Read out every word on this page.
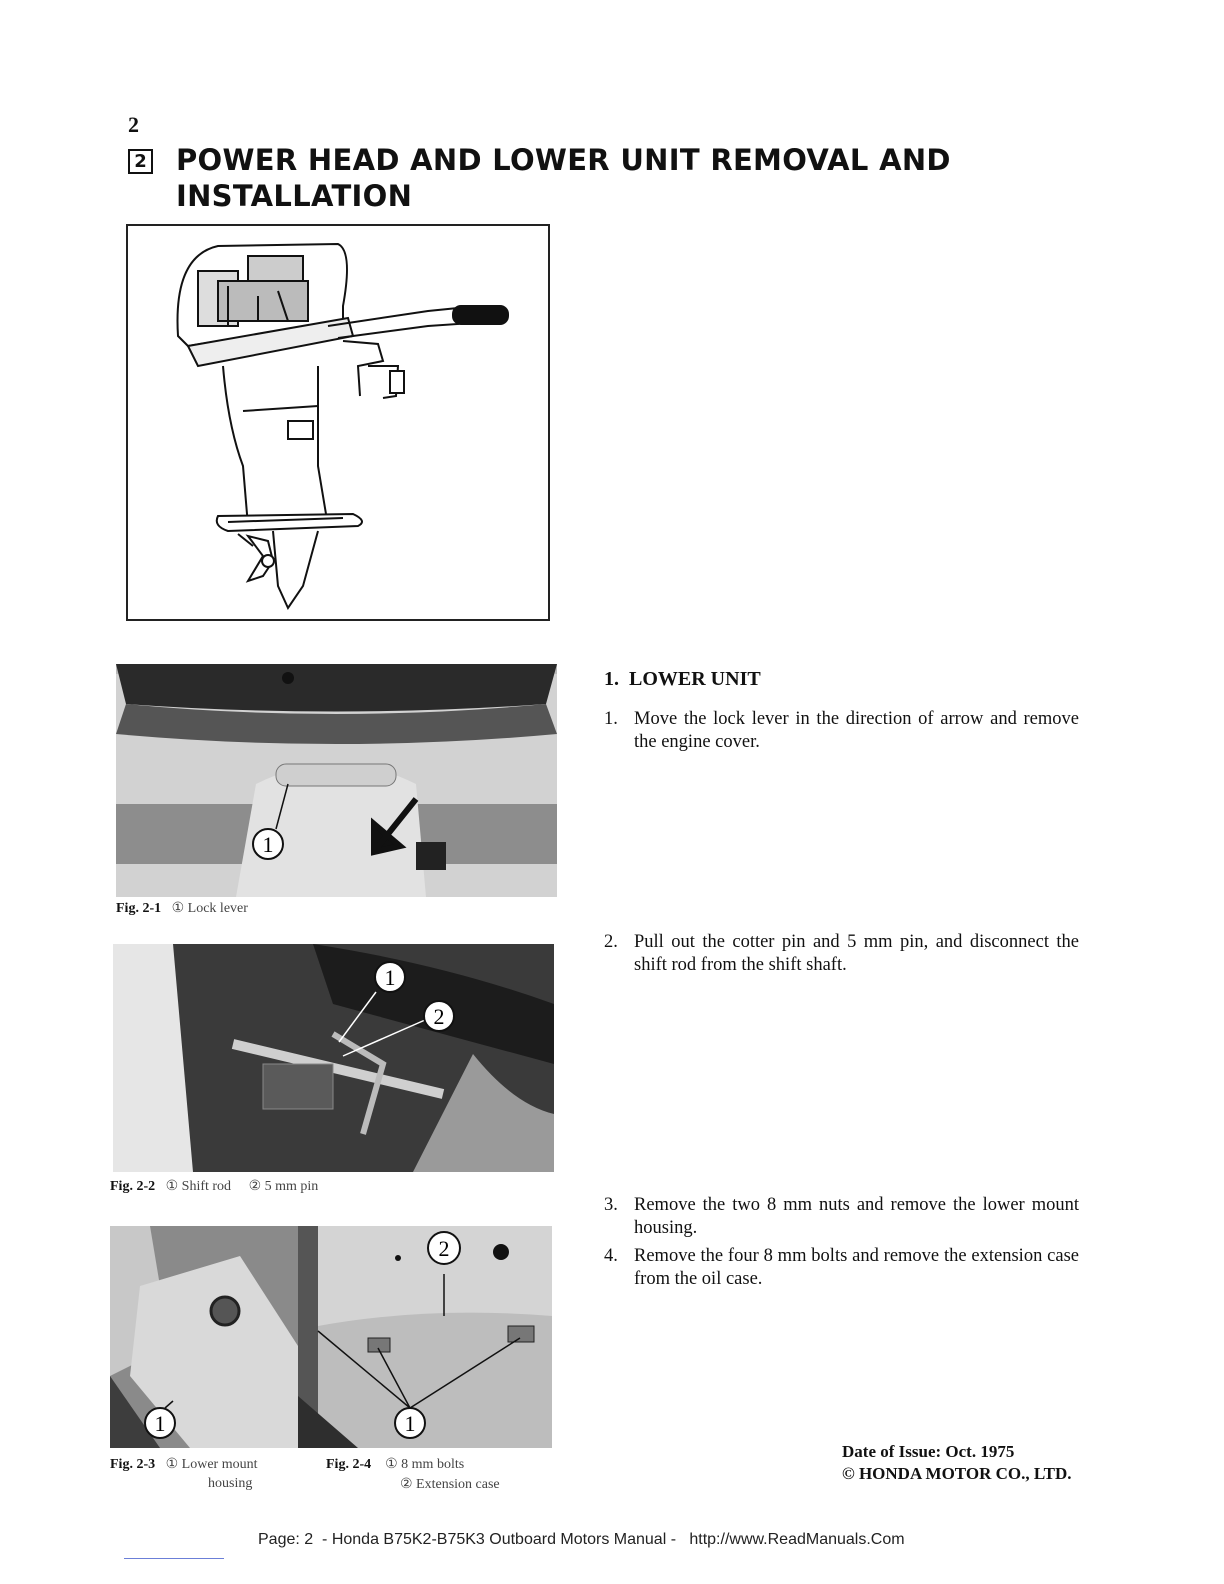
2
2 POWER HEAD AND LOWER UNIT REMOVAL AND
INSTALLATION
1
Fig. 2-1 ① Lock lever
1
2
Fig. 2-2 ① Shift rod ② 5 mm pin
1
Fig. 2-3 ① Lower mount
housing
2
1
Fig. 2-4 ① 8 mm bolts
② Extension case
1. LOWER UNIT
1. Move the lock lever in the direction of arrow and remove the engine cover.
2. Pull out the cotter pin and 5 mm pin, and disconnect the shift rod from the shift shaft.
3. Remove the two 8 mm nuts and remove the lower mount housing.
4. Remove the four 8 mm bolts and remove the extension case from the oil case.
Date of Issue: Oct. 1975
© HONDA MOTOR CO., LTD.
Page: 2 - Honda B75K2-B75K3 Outboard Motors Manual - http://www.ReadManuals.Com
